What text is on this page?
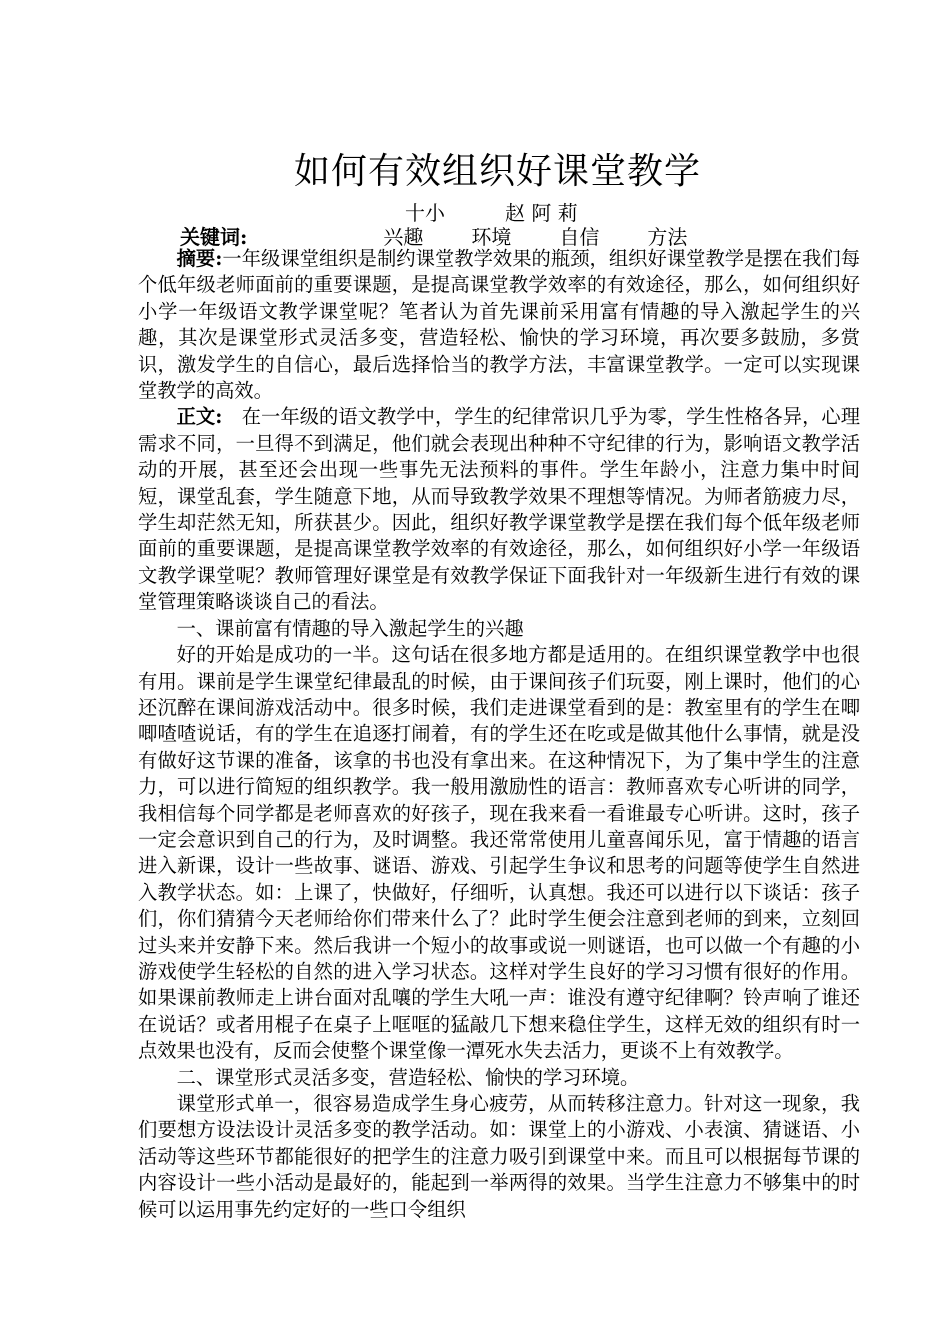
如何有效组织好课堂教学
十小　　　赵 阿 莉
关键词:	兴趣 环境 自信 方法

摘要:一年级课堂组织是制约课堂教学效果的瓶颈，组织好课堂教学是摆在我们每个低年级老师面前的重要课题，是提高课堂教学效率的有效途径，那么，如何组织好小学一年级语文教学课堂呢？笔者认为首先课前采用富有情趣的导入激起学生的兴趣，其次是课堂形式灵活多变，营造轻松、愉快的学习环境，再次要多鼓励，多赏识，激发学生的自信心，最后选择恰当的教学方法，丰富课堂教学。一定可以实现课堂教学的高效。

正文:　在一年级的语文教学中，学生的纪律常识几乎为零，学生性格各异，心理需求不同，一旦得不到满足，他们就会表现出种种不守纪律的行为，影响语文教学活动的开展，甚至还会出现一些事先无法预料的事件。学生年龄小，注意力集中时间短，课堂乱套，学生随意下地，从而导致教学效果不理想等情况。为师者筋疲力尽，学生却茫然无知，所获甚少。因此，组织好教学课堂教学是摆在我们每个低年级老师面前的重要课题，是提高课堂教学效率的有效途径，那么，如何组织好小学一年级语文教学课堂呢？教师管理好课堂是有效教学保证下面我针对一年级新生进行有效的课堂管理策略谈谈自己的看法。

一、课前富有情趣的导入激起学生的兴趣

好的开始是成功的一半。这句话在很多地方都是适用的。在组织课堂教学中也很有用。课前是学生课堂纪律最乱的时候，由于课间孩子们玩耍，刚上课时，他们的心还沉醉在课间游戏活动中。很多时候，我们走进课堂看到的是：教室里有的学生在唧唧喳喳说话，有的学生在追逐打闹着，有的学生还在吃或是做其他什么事情，就是没有做好这节课的准备，该拿的书也没有拿出来。在这种情况下，为了集中学生的注意力，可以进行简短的组织教学。我一般用激励性的语言：教师喜欢专心听讲的同学，我相信每个同学都是老师喜欢的好孩子，现在我来看一看谁最专心听讲。这时，孩子一定会意识到自己的行为，及时调整。我还常常使用儿童喜闻乐见，富于情趣的语言进入新课，设计一些故事、谜语、游戏、引起学生争议和思考的问题等使学生自然进入教学状态。如：上课了，快做好，仔细听，认真想。我还可以进行以下谈话：孩子们，你们猜猜今天老师给你们带来什么了？此时学生便会注意到老师的到来，立刻回过头来并安静下来。然后我讲一个短小的故事或说一则谜语，也可以做一个有趣的小游戏使学生轻松的自然的进入学习状态。这样对学生良好的学习习惯有很好的作用。如果课前教师走上讲台面对乱嚷的学生大吼一声：谁没有遵守纪律啊？铃声响了谁还在说话？或者用棍子在桌子上哐哐的猛敲几下想来稳住学生，这样无效的组织有时一点效果也没有，反而会使整个课堂像一潭死水失去活力，更谈不上有效教学。

二、课堂形式灵活多变，营造轻松、愉快的学习环境。

课堂形式单一，很容易造成学生身心疲劳，从而转移注意力。针对这一现象，我们要想方设法设计灵活多变的教学活动。如：课堂上的小游戏、小表演、猜谜语、小活动等这些环节都能很好的把学生的注意力吸引到课堂中来。而且可以根据每节课的内容设计一些小活动是最好的，能起到一举两得的效果。当学生注意力不够集中的时候可以运用事先约定好的一些口令组织
